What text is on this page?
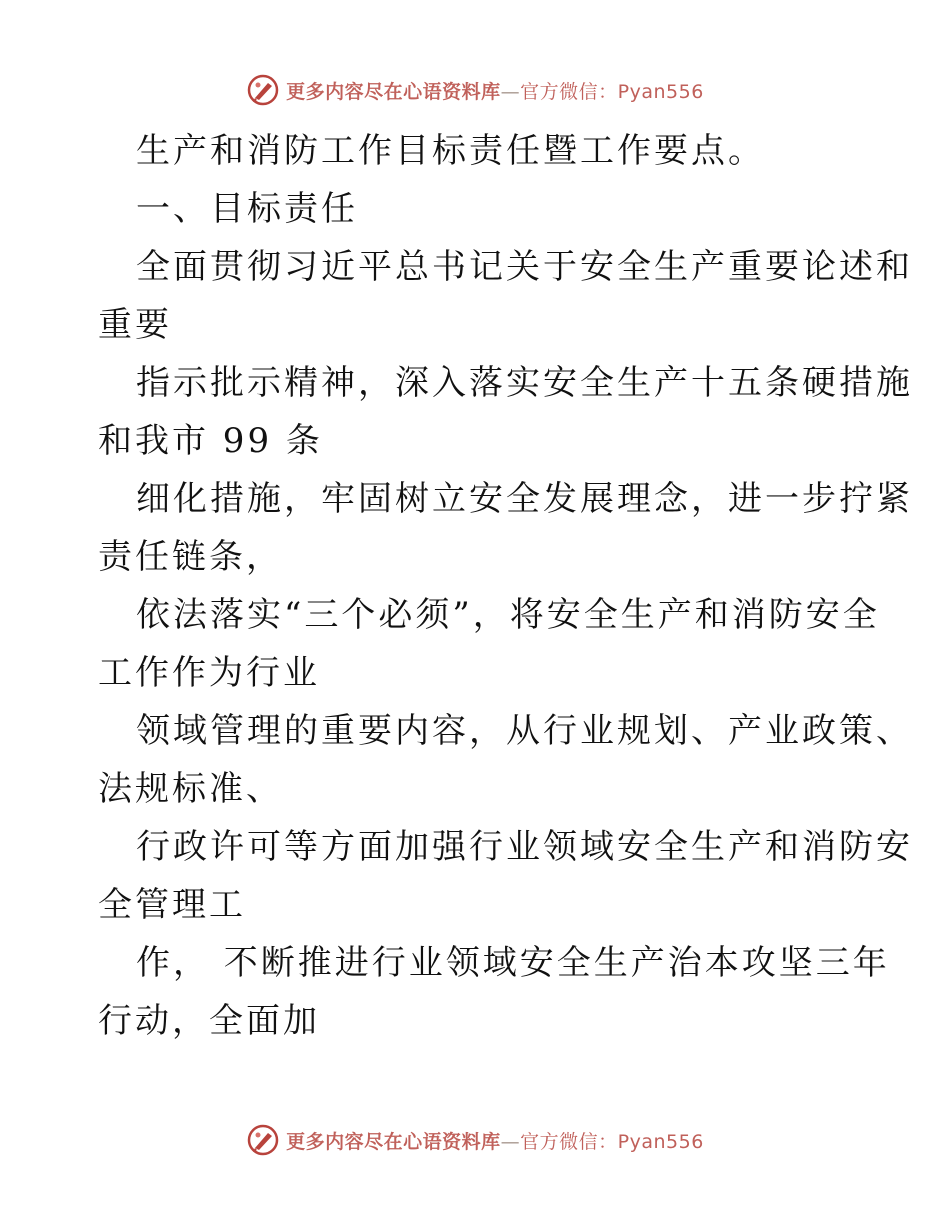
更多内容尽在心语资料库—官方微信：Pyan556
生产和消防工作目标责任暨工作要点。
一、目标责任
全面贯彻习近平总书记关于安全生产重要论述和
重要
指示批示精神，深入落实安全生产十五条硬措施
和我市 99 条
细化措施，牢固树立安全发展理念，进一步拧紧
责任链条，
依法落实“三个必须”，将安全生产和消防安全
工作作为行业
领域管理的重要内容，从行业规划、产业政策、
法规标准、
行政许可等方面加强行业领域安全生产和消防安
全管理工
作， 不断推进行业领域安全生产治本攻坚三年
行动，全面加
更多内容尽在心语资料库—官方微信：Pyan556
